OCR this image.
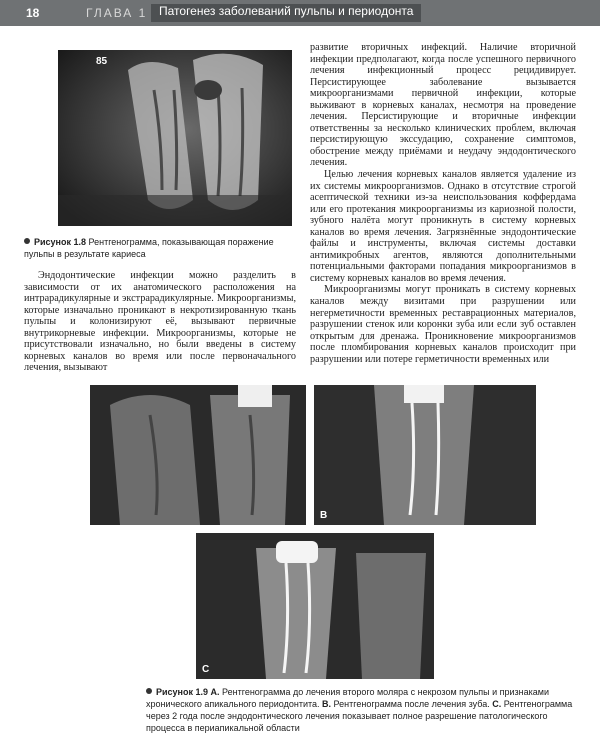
18	ГЛАВА 1 Патогенез заболеваний пульпы и периодонта
85
Рисунок 1.8 Рентгенограмма, показывающая поражение пульпы в результате кариеса

Эндодонтические инфекции можно разделить в зависимости от их анатомического расположения на интрарадикулярные и экстрарадикулярные. Микроорганизмы, которые изначально проникают в некротизированную ткань пульпы и колонизируют её, вызывают первичные внутрикорневые инфекции. Микроорганизмы, которые не присутствовали изначально, но были введены в систему корневых каналов во время или после первоначального лечения, вызывают

развитие вторичных инфекций. Наличие вторичной инфекции предполагают, когда после успешного первичного лечения инфекционный процесс рецидивирует. Персистирующее заболевание вызывается микроорганизмами первичной инфекции, которые выживают в корневых каналах, несмотря на проведение лечения. Персистирующие и вторичные инфекции ответственны за несколько клинических проблем, включая персистирующую экссудацию, сохранение симптомов, обострение между приёмами и неудачу эндодонтического лечения.

Целью лечения корневых каналов является удаление из их системы микроорганизмов. Однако в отсутствие строгой асептической техники из-за неиспользования коффердама или его протекания микроорганизмы из кариозной полости, зубного налёта могут проникнуть в систему корневых каналов во время лечения. Загрязнённые эндодонтические файлы и инструменты, включая системы доставки антимикробных агентов, являются дополнительными потенциальными факторами попадания микроорганизмов в систему корневых каналов во время лечения.

Микроорганизмы могут проникать в систему корневых каналов между визитами при разрушении или негерметичности временных реставрационных материалов, разрушении стенок или коронки зуба или если зуб оставлен открытым для дренажа. Проникновение микроорганизмов после пломбирования корневых каналов происходит при разрушении или потере герметичности временных или

B
C
Рисунок 1.9 A. Рентгенограмма до лечения второго моляра с некрозом пульпы и признаками хронического апикального периодонтита. B. Рентгенограмма после лечения зуба. C. Рентгенограмма через 2 года после эндодонтического лечения показывает полное разрешение патологического процесса в периапикальной области
